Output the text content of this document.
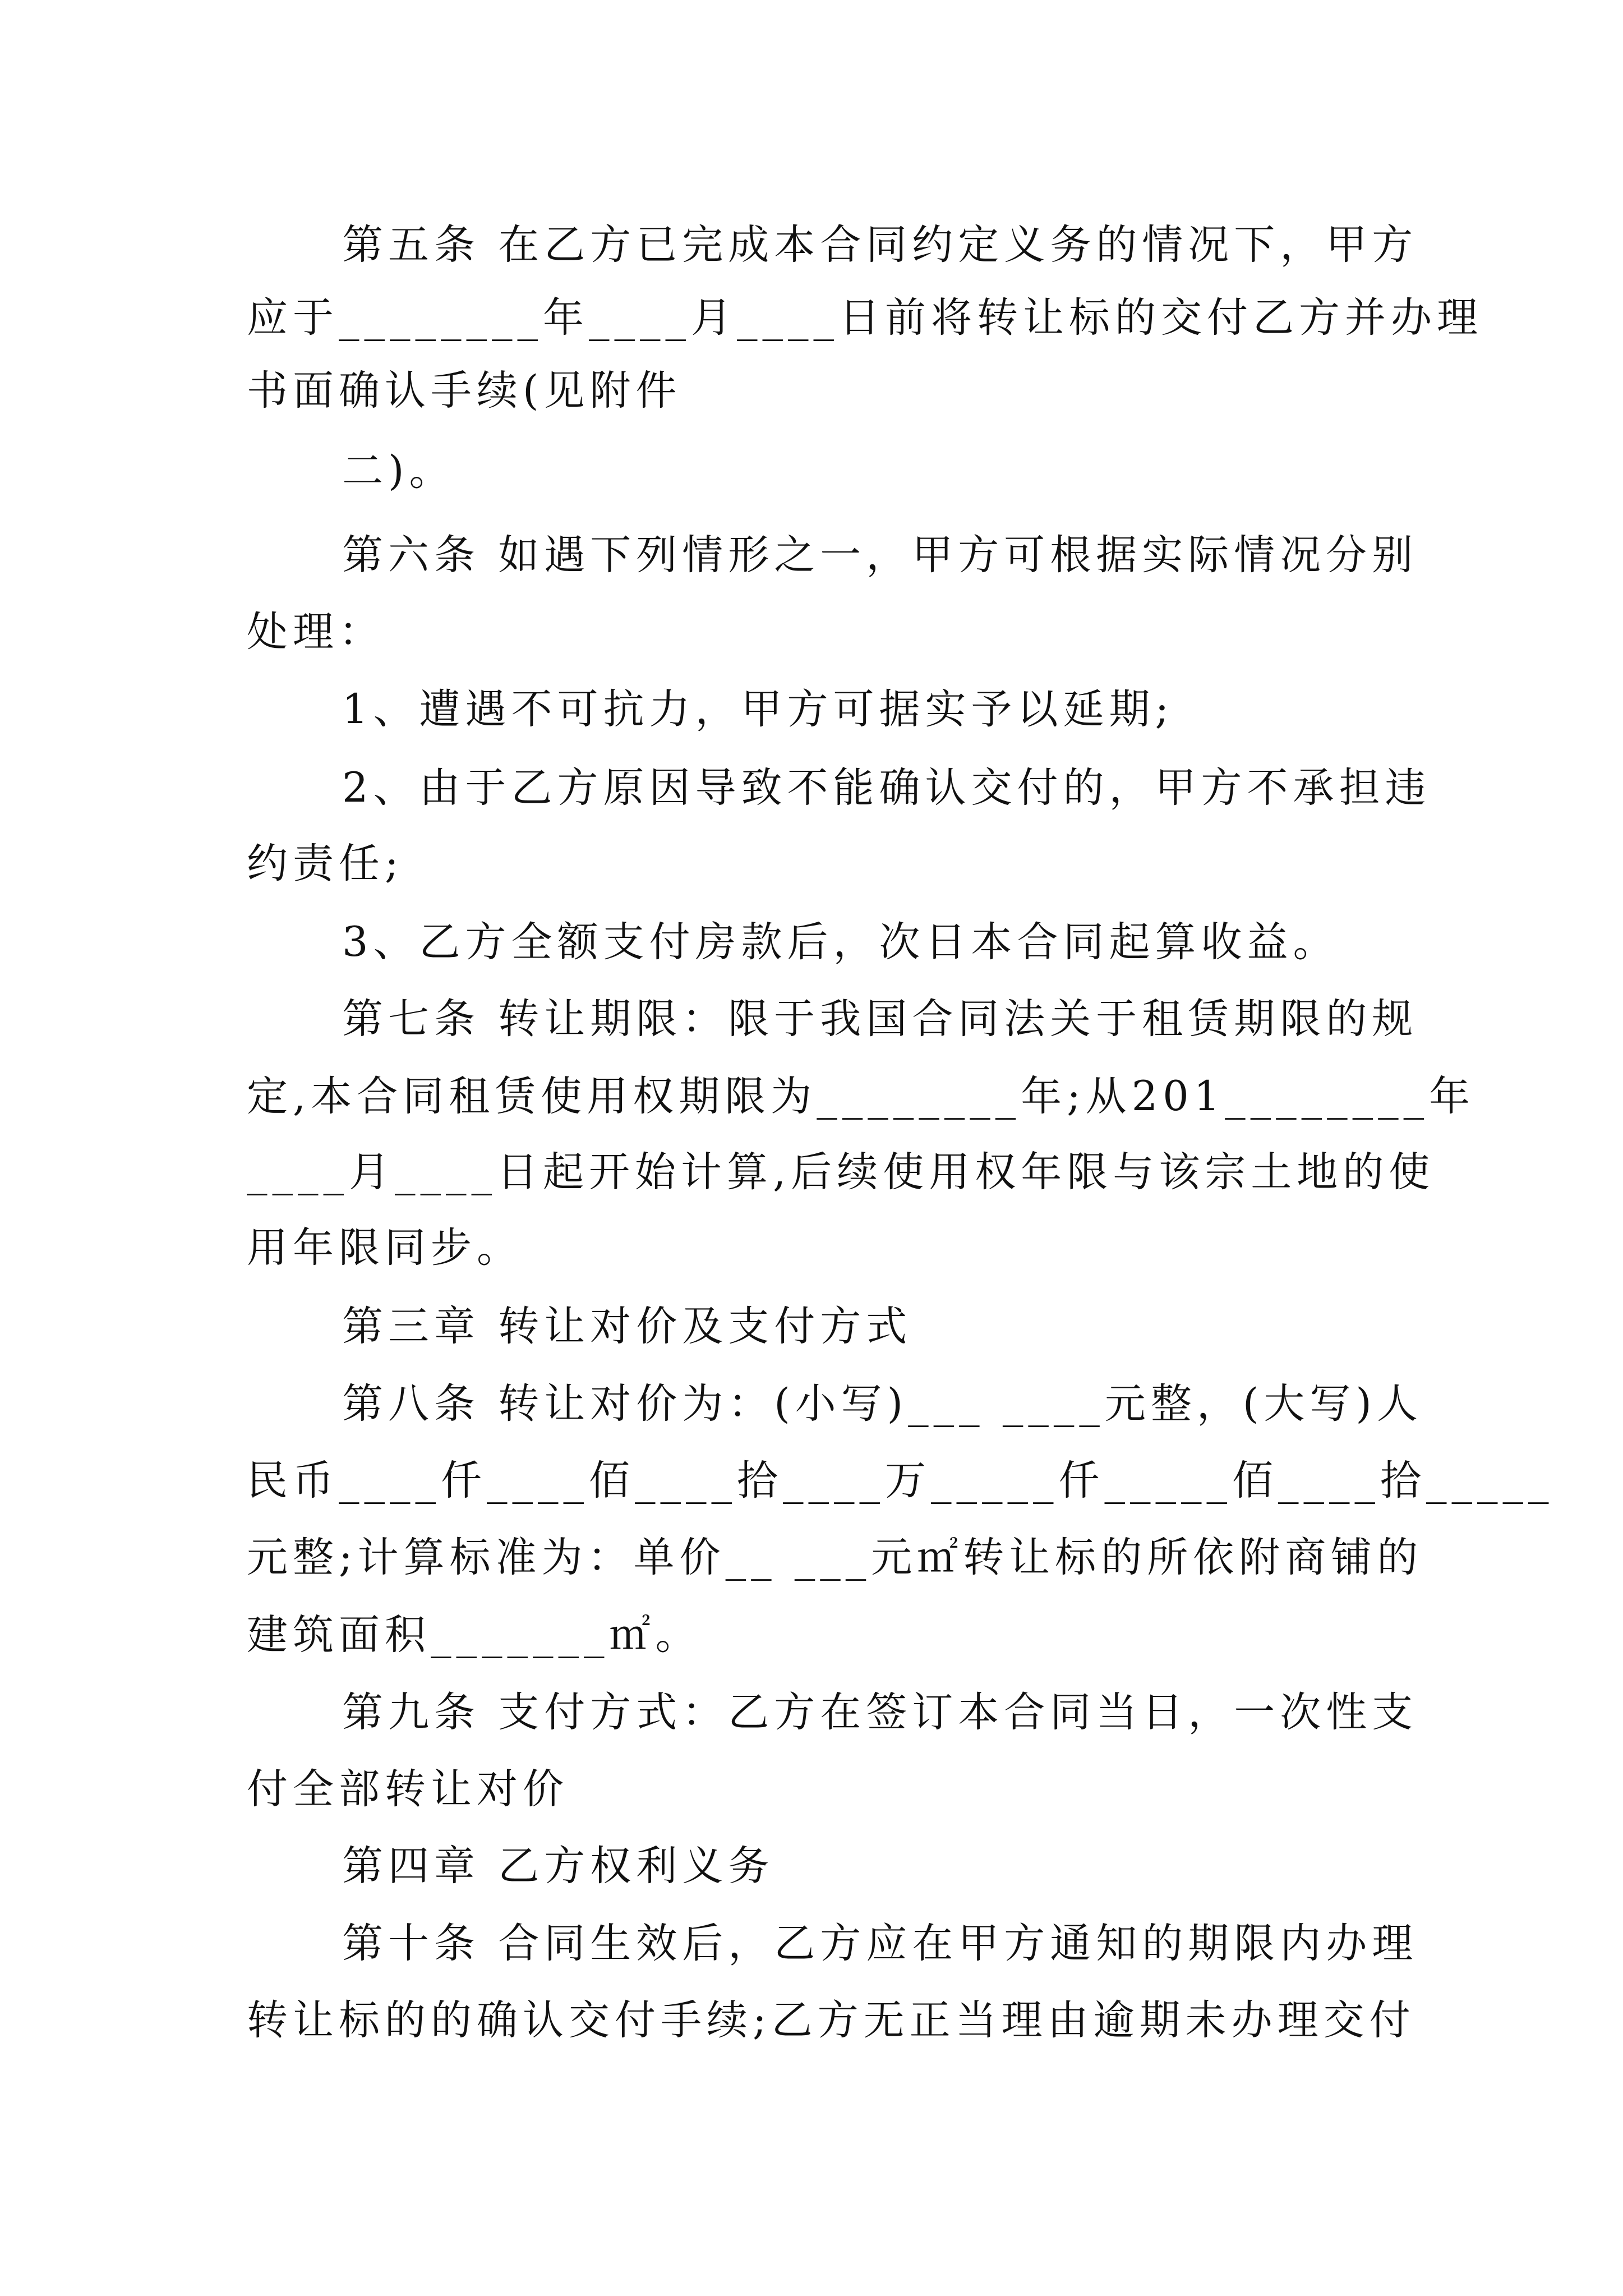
第五条 在乙方已完成本合同约定义务的情况下，甲方
应于________年____月____日前将转让标的交付乙方并办理
书面确认手续(见附件
二)。
第六条 如遇下列情形之一，甲方可根据实际情况分别
处理：
1、遭遇不可抗力，甲方可据实予以延期;
2、由于乙方原因导致不能确认交付的，甲方不承担违
约责任;
3、乙方全额支付房款后，次日本合同起算收益。
第七条 转让期限：限于我国合同法关于租赁期限的规
定,本合同租赁使用权期限为________年;从201________年
____月____日起开始计算,后续使用权年限与该宗土地的使
用年限同步。
第三章 转让对价及支付方式
第八条 转让对价为：(小写)___ ____元整，(大写)人
民币____仟____佰____拾____万_____仟_____佰____拾_____
元整;计算标准为：单价__ ___元㎡转让标的所依附商铺的
建筑面积_______㎡。
第九条 支付方式：乙方在签订本合同当日，一次性支
付全部转让对价
第四章 乙方权利义务
第十条 合同生效后，乙方应在甲方通知的期限内办理
转让标的的确认交付手续;乙方无正当理由逾期未办理交付
